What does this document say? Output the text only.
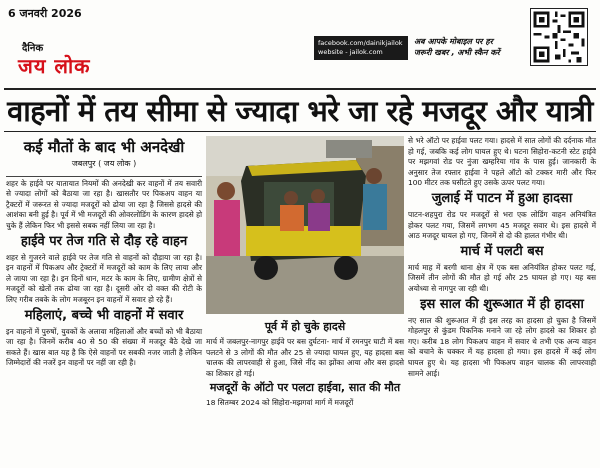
6 जनवरी 2026
दैनिक
जय लोक
facebook.com/dainikjailok
website - jailok.com
अब आपके मोबाइल पर हर
जरूरी खबर , अभी स्कैन करें
वाहनों में तय सीमा से ज्यादा भरे जा रहे मजदूर और यात्री
कई मौतों के बाद भी अनदेखी
जबलपुर ( जय लोक )

शहर के हाईवे पर यातायात नियमों की अनदेखी कर वाहनों में तय सवारी से ज्यादा लोगों को बैठाया जा रहा है। खासतौर पर पिकअप वाहन या ट्रैक्टरों में जरूरत से ज्यादा मजदूरों को ढोया जा रहा है जिससे हादसे की आशंका बनी हुई है। पूर्व में भी मजदूरों की ओवरलोडिंग के कारण हादसे हो चुके हैं लेकिन फिर भी इससे सबक नहीं लिया जा रहा है।

हाईवे पर तेज गति से दौड़ रहे वाहन

शहर से गुजरने वाले हाईवे पर तेज गति से वाहनों को दौड़ाया जा रहा है। इन वाहनों में पिकअप और ट्रेक्टरों में मजदूरों को काम के लिए लाया और ले जाया जा रहा है। इन दिनों धान, मटर के काम के लिए, ग्रामीण क्षेत्रों से मजदूरों को खेतों तक ढोया जा रहा है। दूसरी ओर दो वक्त की रोटी के लिए गरीब तबके के लोग मजबूरन इन वाहनों में सवार हो रहे हैं।

महिलाएं, बच्चे भी वाहनों में सवार

इन वाहनों में पुरुषों, युवकों के अलावा महिलाओं और बच्चों को भी बैठाया जा रहा है। जिनमें करीब 40 से 50 की संख्या में मजदूर बैठे देखे जा सकते हैं। खास बात यह है कि ऐसे वाहनों पर सबकी नजर जाती है लेकिन जिम्मेदारों की नजरें इन वाहनों पर नहीं जा रही है।

पूर्व में हो चुके हादसे

मार्च में जबलपुर-नागपुर हाईवे पर बस दुर्घटना- मार्च में रमनपुर घाटी में बस पलटने से 3 लोगों की मौत और 25 से ज्यादा घायल हुए, यह हादसा बस चालक की लापरवाही से हुआ, जिसे नींद का झोंका आया और बस हादसे का शिकार हो गई।

मजदूरों के ऑटो पर पलटा हाईवा, सात की मौत

18 सितम्बर 2024 को सिहोरा-मझगवां मार्ग में मजदूरों

से भरे ऑटो पर हाईवा पलट गया। हादसे में सात लोगों की दर्दनाक मौत हो गई, जबकि कई लोग घायल हुए थे। घटना सिहोरा-कटनी स्टेट हाईवे पर मझगवां रोड पर नुंजा खम्हरिया गांव के पास हुई। जानकारी के अनुसार तेज रफ्तार हाईवा ने पहले ऑटो को टक्कर मारी और फिर 100 मीटर तक घसीटते हुए उसके ऊपर पलट गया।

जुलाई में पाटन में हुआ हादसा

पाटन-शहपुरा रोड पर मजदूरों से भरा एक लोडिंग वाहन अनियंत्रित होकर पलट गया, जिसमें लगभग 45 मजदूर सवार थे। इस हादसे में आठ मजदूर घायल हो गए, जिनमें से दो की हालत गंभीर थी।

मार्च में पलटी बस

मार्च माह में बरगी थाना क्षेत्र में एक बस अनियंत्रित होकर पलट गई, जिसमें तीन लोगों की मौत हो गई और 25 घायल हो गए। यह बस अयोध्या से नागपुर जा रही थी।

इस साल की शुरूआत में ही हादसा

नए साल की शुरूआत में ही इस तरह का हादसा हो चुका है जिसमें गोहलपुर से कुंडम पिकनिक मनाने जा रहे लोग हादसे का शिकार हो गए। करीब 18 लोग पिकअप वाहन में सवार थे तभी एक अन्य वाहन को बचाने के चक्कर में यह हादसा हो गया। इस हादसे में कई लोग घायल हुए थे। यह हादसा भी पिकअप वाहन चालक की लापरवाही सामने आई।
